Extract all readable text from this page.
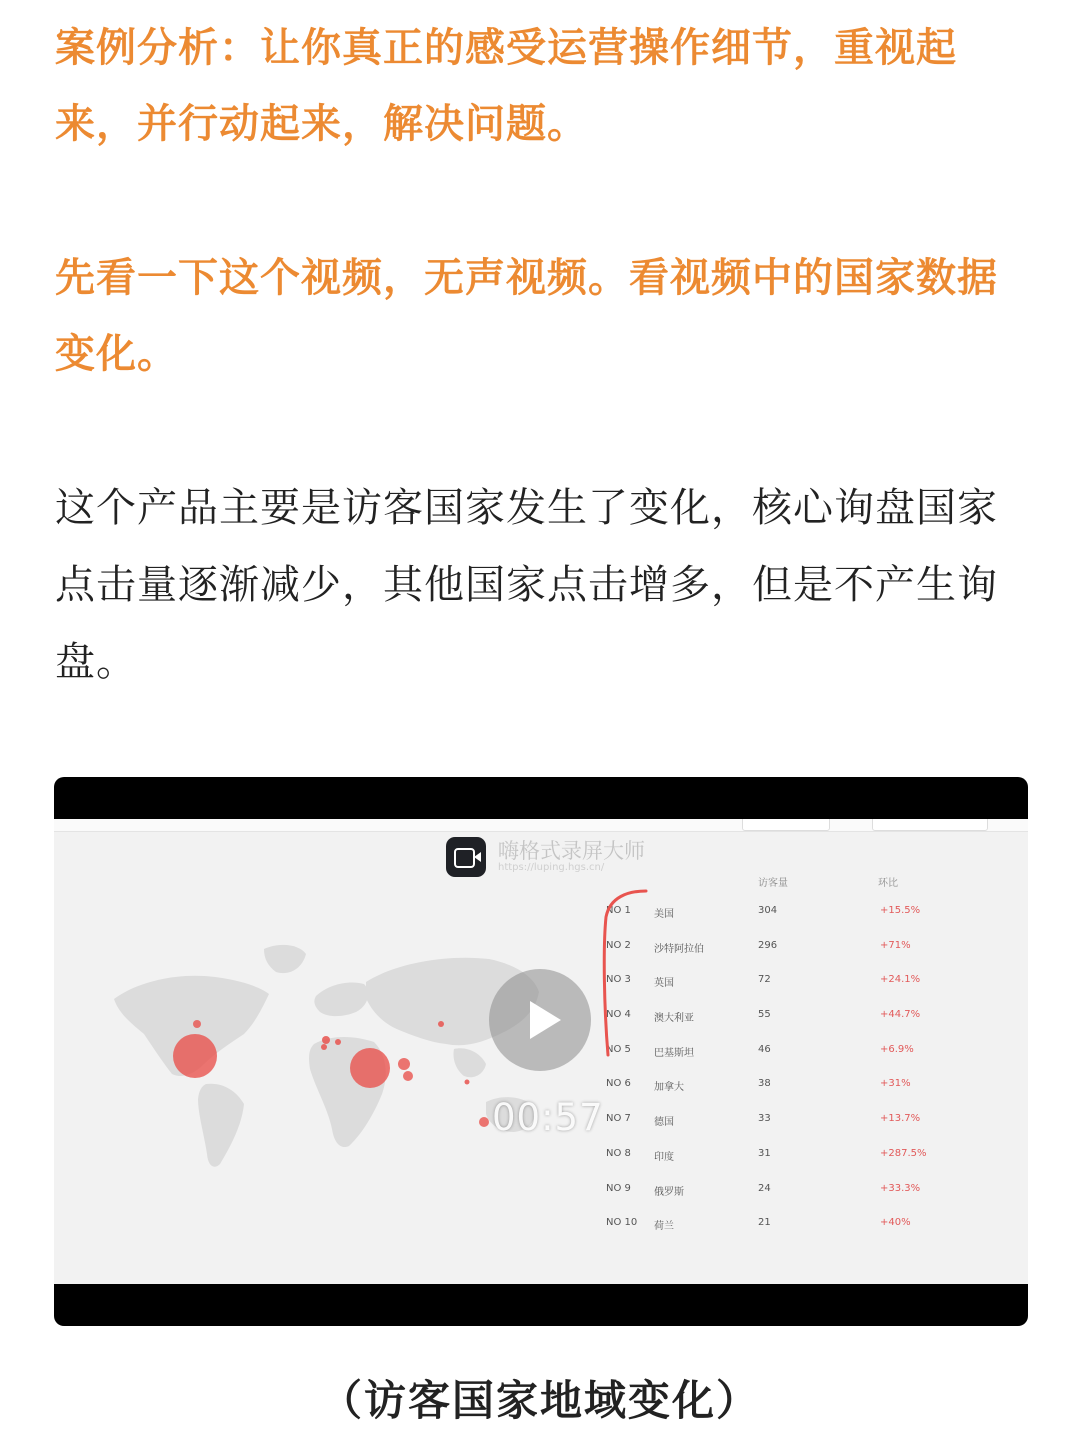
案例分析：让你真正的感受运营操作细节，重视起来，并行动起来，解决问题。

先看一下这个视频，无声视频。看视频中的国家数据变化。

这个产品主要是访客国家发生了变化，核心询盘国家点击量逐渐减少，其他国家点击增多，但是不产生询盘。

嗨格式录屏大师
https://luping.hgs.cn/
访客量	环比
NO 1 美国	304	+15.5%
NO 2 沙特阿拉伯	296	+71%
NO 3 英国	72	+24.1%
NO 4 澳大利亚	55	+44.7%
NO 5 巴基斯坦	46	+6.9%
NO 6 加拿大	38	+31%
NO 7 德国	33	+13.7%
NO 8 印度	31	+287.5%
NO 9 俄罗斯	24	+33.3%
NO 10 荷兰	21	+40%
00:57
（访客国家地域变化）
